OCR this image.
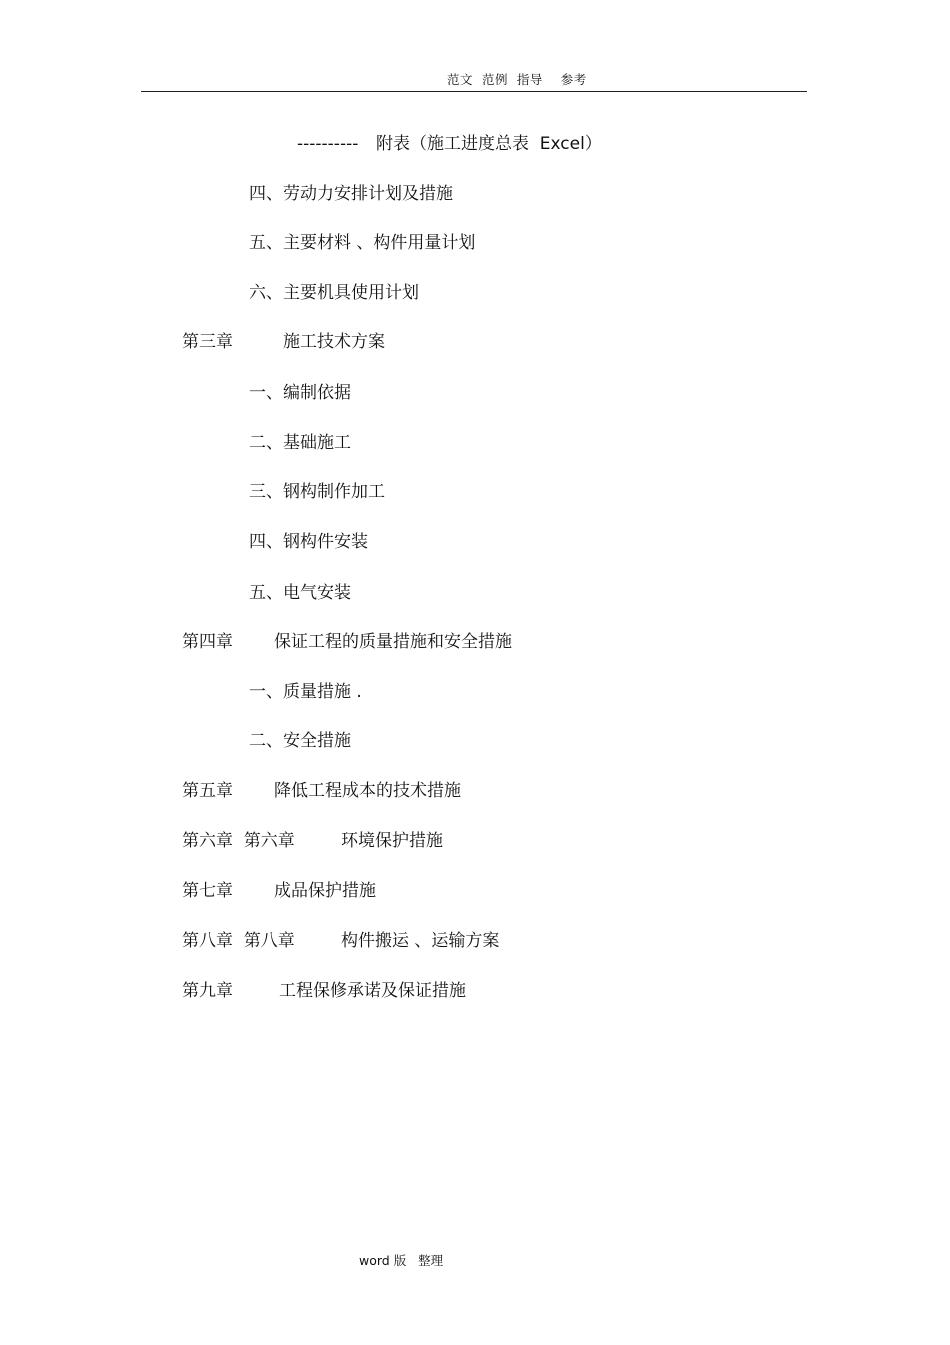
范文  范例  指导    参考
---------- 附表（施工进度总表  Excel）
四、劳动力安排计划及措施
五、主要材料 、构件用量计划
六、主要机具使用计划
第三章	施工技术方案
一、编制依据
二、基础施工
三、钢构制作加工
四、钢构件安装
五、电气安装
第四章 保证工程的质量措施和安全措施
一、质量措施 .
二、安全措施
第五章 降低工程成本的技术措施
第六章  第六章	环境保护措施
第七章 成品保护措施
第八章  第八章	构件搬运 、运输方案
第九章	工程保修承诺及保证措施
word 版   整理
